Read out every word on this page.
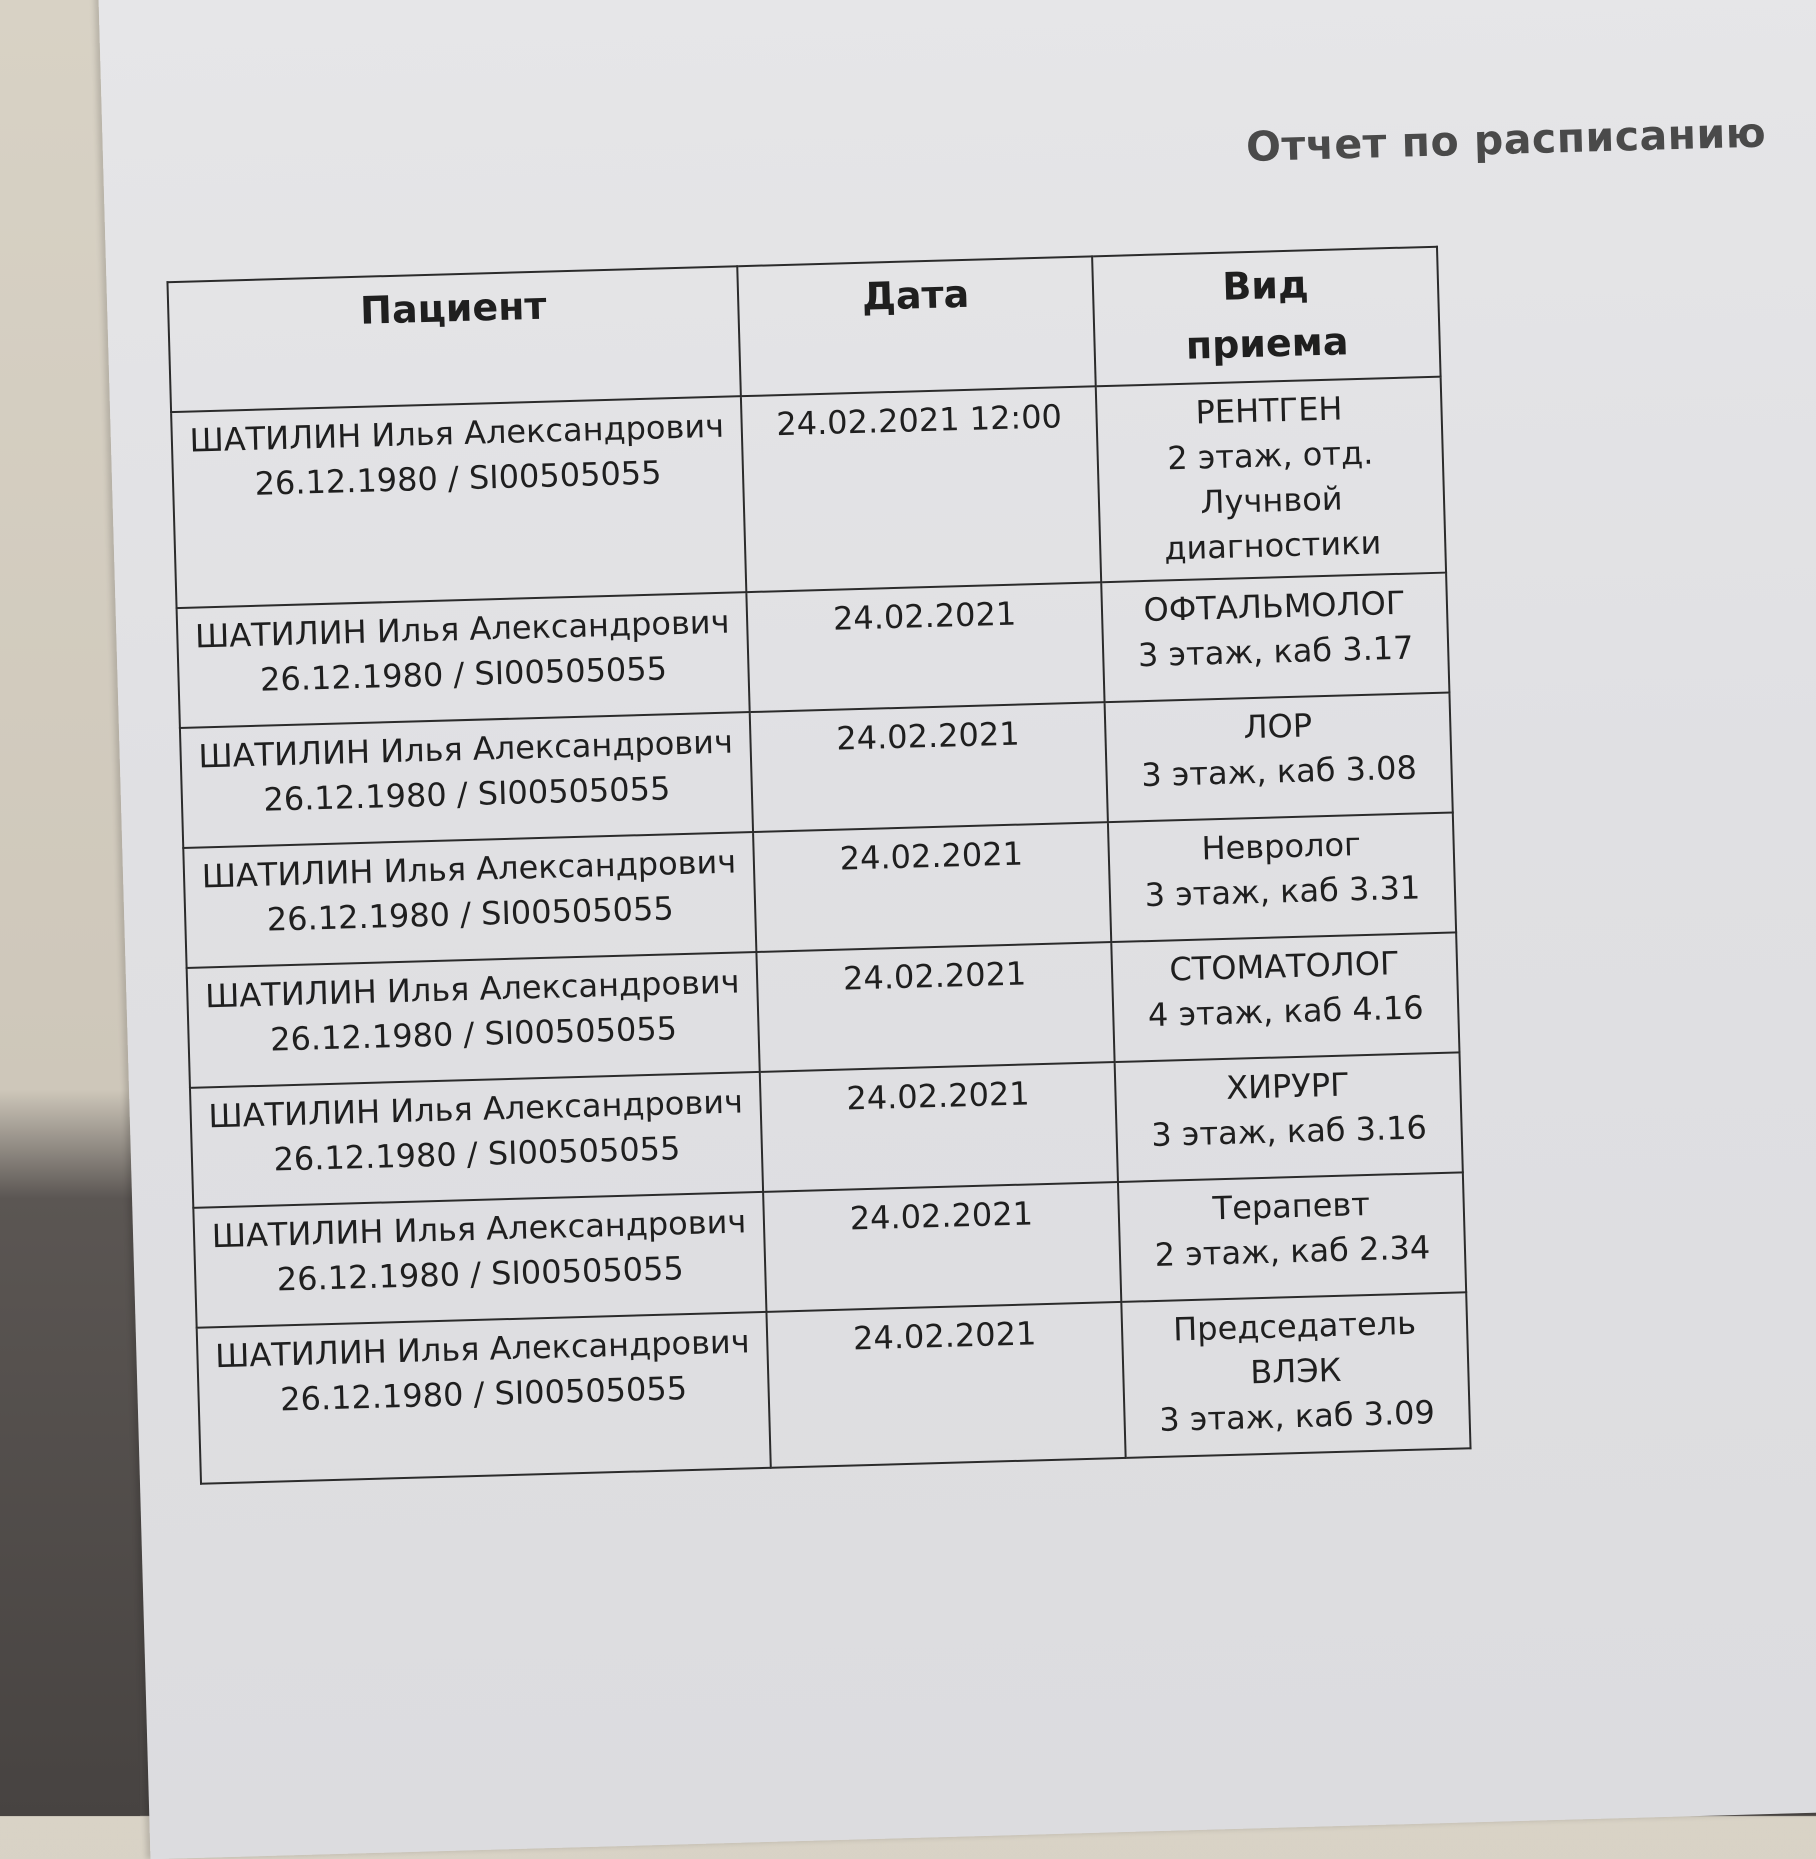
Отчет по расписанию
Пациент	Дата	Вид
приема

ШАТИЛИН Илья Александрович
26.12.1980 / SI00505055	24.02.2021 12:00	РЕНТГЕН
2 этаж, отд.
Лучнвой
диагностики

ШАТИЛИН Илья Александрович
26.12.1980 / SI00505055	24.02.2021	ОФТАЛЬМОЛОГ
3 этаж, каб 3.17

ШАТИЛИН Илья Александрович
26.12.1980 / SI00505055	24.02.2021	ЛОР
3 этаж, каб 3.08

ШАТИЛИН Илья Александрович
26.12.1980 / SI00505055	24.02.2021	Невролог
3 этаж, каб 3.31

ШАТИЛИН Илья Александрович
26.12.1980 / SI00505055	24.02.2021	СТОМАТОЛОГ
4 этаж, каб 4.16

ШАТИЛИН Илья Александрович
26.12.1980 / SI00505055	24.02.2021	ХИРУРГ
3 этаж, каб 3.16

ШАТИЛИН Илья Александрович
26.12.1980 / SI00505055	24.02.2021	Терапевт
2 этаж, каб 2.34

ШАТИЛИН Илья Александрович
26.12.1980 / SI00505055	24.02.2021	Председатель
ВЛЭК
3 этаж, каб 3.09
